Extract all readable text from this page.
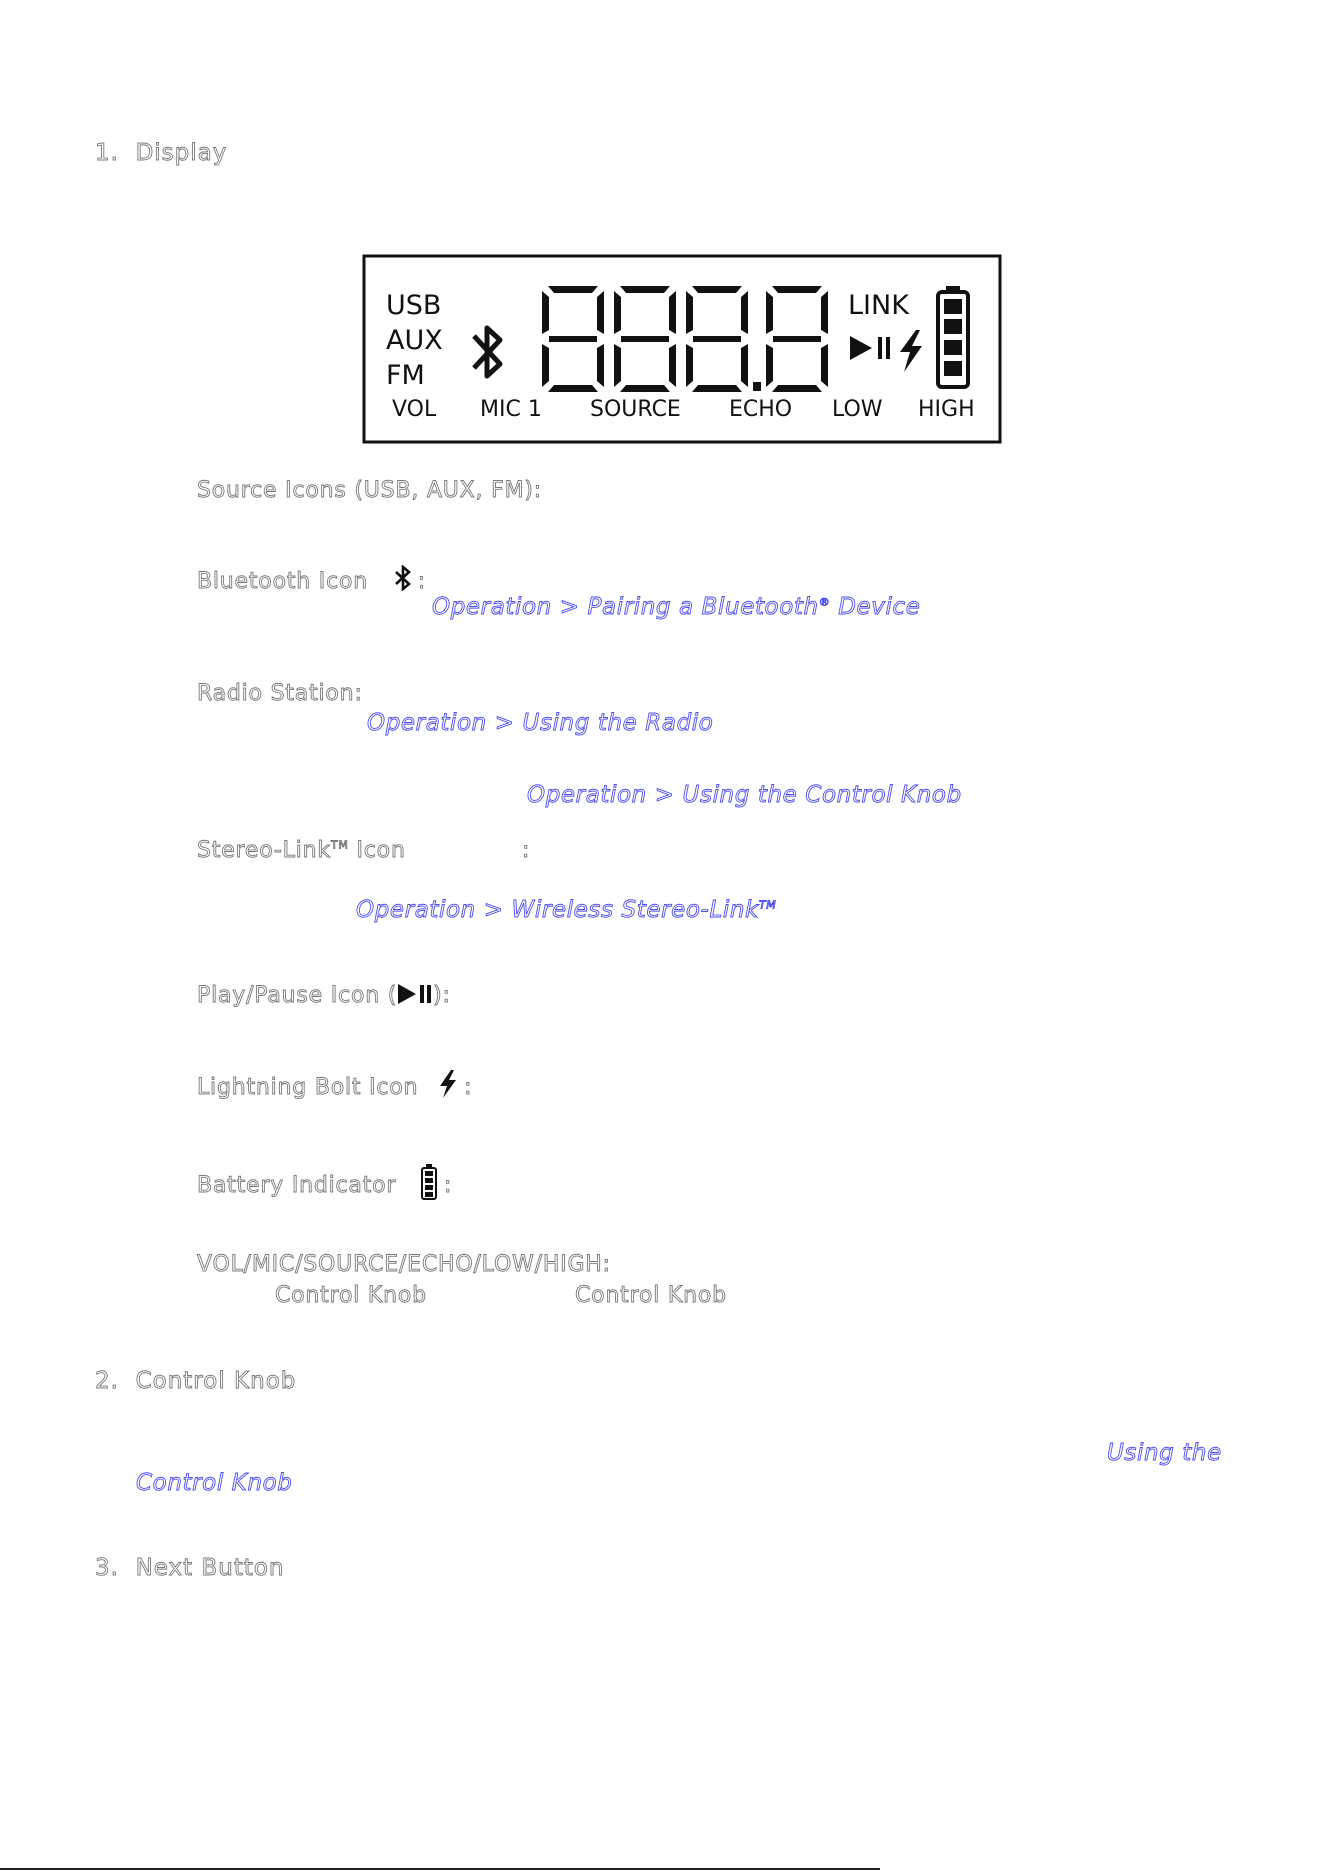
1. Display
USB
AUX
FM
LINK
VOL MIC 1 SOURCE ECHO LOW HIGH
Source Icons (USB, AUX, FM):
Bluetooth Icon :
Operation > Pairing a Bluetooth® Device
Radio Station:
Operation > Using the Radio
Operation > Using the Control Knob
Stereo-Link™ Icon	:
Operation > Wireless Stereo-Link™
Play/Pause Icon ( ):
Lightning Bolt Icon :
Battery Indicator :
VOL/MIC/SOURCE/ECHO/LOW/HIGH:
Control Knob	Control Knob
2. Control Knob
Using the
Control Knob
3. Next Button
